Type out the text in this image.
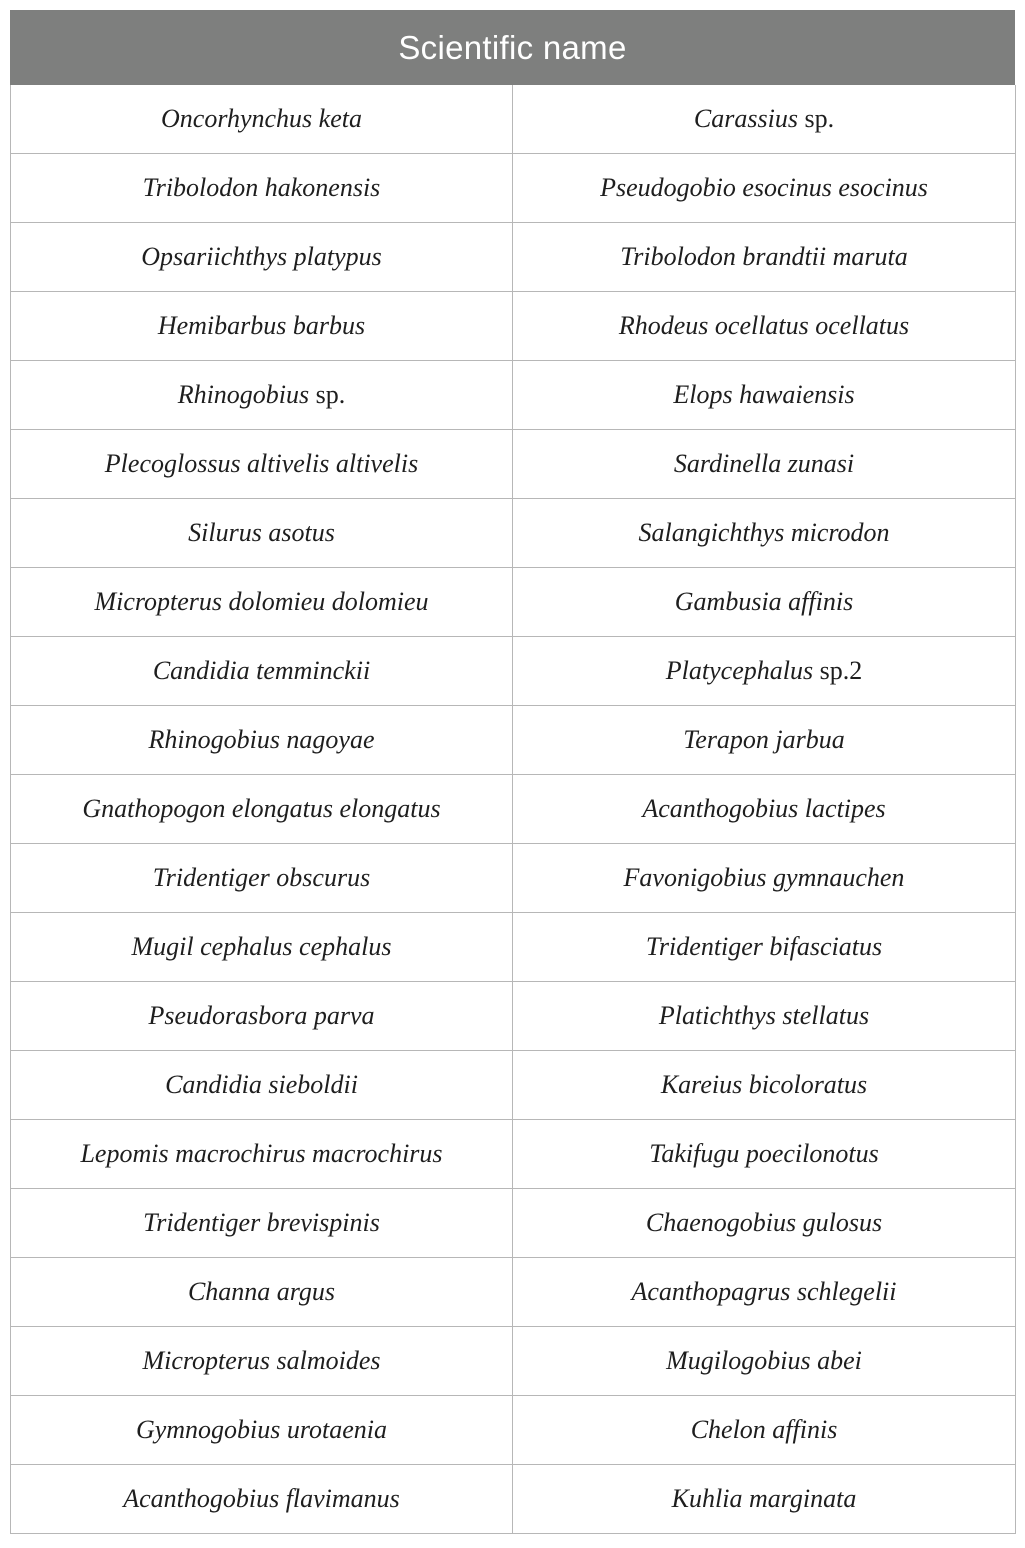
Scientific name
Oncorhynchus keta	Carassius sp.
Tribolodon hakonensis	Pseudogobio esocinus esocinus
Opsariichthys platypus	Tribolodon brandtii maruta
Hemibarbus barbus	Rhodeus ocellatus ocellatus
Rhinogobius sp.	Elops hawaiensis
Plecoglossus altivelis altivelis	Sardinella zunasi
Silurus asotus	Salangichthys microdon
Micropterus dolomieu dolomieu	Gambusia affinis
Candidia temminckii	Platycephalus sp.2
Rhinogobius nagoyae	Terapon jarbua
Gnathopogon elongatus elongatus	Acanthogobius lactipes
Tridentiger obscurus	Favonigobius gymnauchen
Mugil cephalus cephalus	Tridentiger bifasciatus
Pseudorasbora parva	Platichthys stellatus
Candidia sieboldii	Kareius bicoloratus
Lepomis macrochirus macrochirus	Takifugu poecilonotus
Tridentiger brevispinis	Chaenogobius gulosus
Channa argus	Acanthopagrus schlegelii
Micropterus salmoides	Mugilogobius abei
Gymnogobius urotaenia	Chelon affinis
Acanthogobius flavimanus	Kuhlia marginata
